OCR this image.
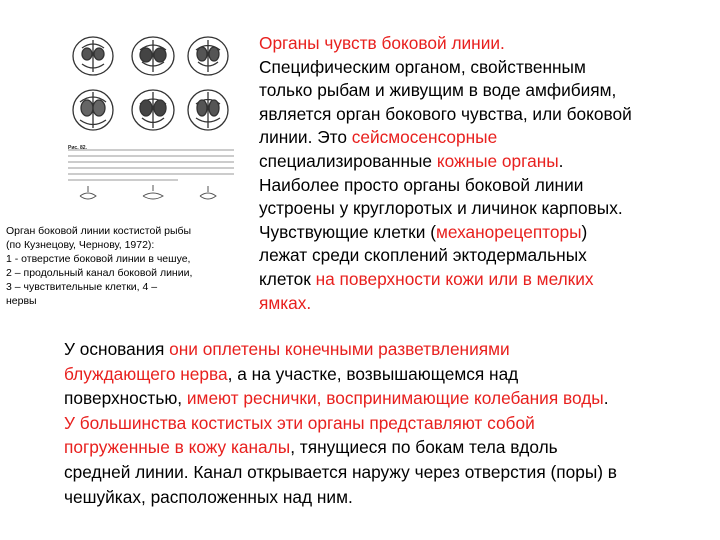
Рис. 82.
Орган боковой линии костистой рыбы
(по Кузнецову, Чернову, 1972):
1 - отверстие боковой линии в чешуе,
2 – продольный канал боковой линии,
3 – чувствительные клетки, 4 –
нервы
Органы чувств боковой линии.
Специфическим органом, свойственным
только рыбам и живущим в воде амфибиям,
является орган бокового чувства, или боковой
линии. Это сейсмосенсорные
специализированные кожные органы.
Наиболее просто органы боковой линии
устроены у круглоротых и личинок карповых.
Чувствующие клетки (механорецепторы)
лежат среди скоплений эктодермальных
клеток на поверхности кожи или в мелких
ямках.
У основания они оплетены конечными разветвлениями
блуждающего нерва, а на участке, возвышающемся над
поверхностью, имеют реснички, воспринимающие колебания воды.
У большинства костистых эти органы представляют собой
погруженные в кожу каналы, тянущиеся по бокам тела вдоль
средней линии. Канал открывается наружу через отверстия (поры) в
чешуйках, расположенных над ним.
